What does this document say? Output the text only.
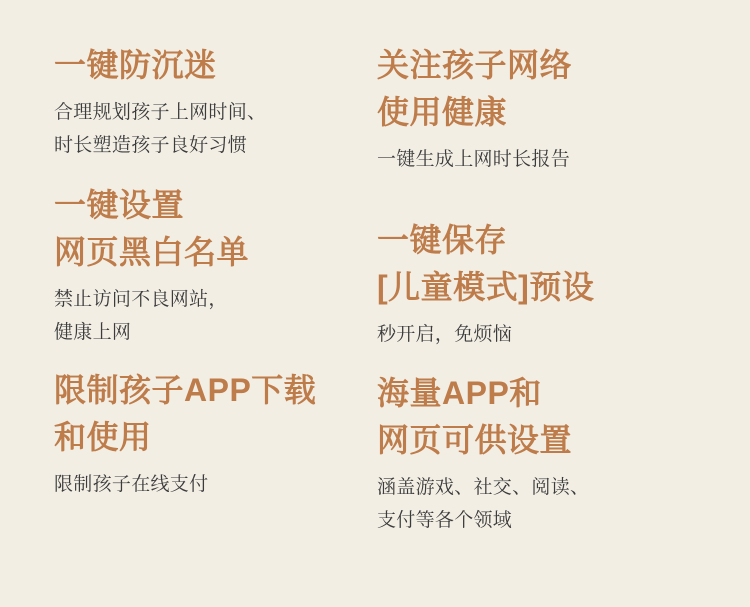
一键防沉迷

合理规划孩子上网时间、
时长塑造孩子良好习惯

一键设置
网页黑白名单

禁止访问不良网站，
健康上网

限制孩子APP下载
和使用

限制孩子在线支付

关注孩子网络
使用健康

一键生成上网时长报告

一键保存
[儿童模式]预设

秒开启，免烦恼

海量APP和
网页可供设置

涵盖游戏、社交、阅读、
支付等各个领域
